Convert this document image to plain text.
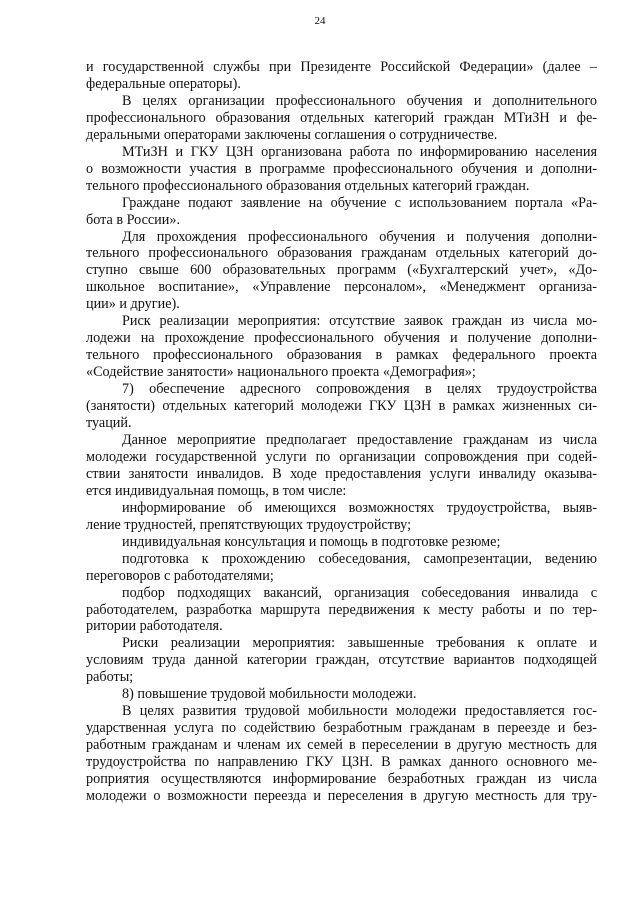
24
и государственной службы при Президенте Российской Федерации» (далее –
федеральные операторы).
В целях организации профессионального обучения и дополнительного
профессионального образования отдельных категорий граждан МТиЗН и фе-
деральными операторами заключены соглашения о сотрудничестве.
МТиЗН и ГКУ ЦЗН организована работа по информированию населения
о возможности участия в программе профессионального обучения и дополни-
тельного профессионального образования отдельных категорий граждан.
Граждане подают заявление на обучение с использованием портала «Ра-
бота в России».
Для прохождения профессионального обучения и получения дополни-
тельного профессионального образования гражданам отдельных категорий до-
ступно свыше 600 образовательных программ («Бухгалтерский учет», «До-
школьное воспитание», «Управление персоналом», «Менеджмент организа-
ции» и другие).
Риск реализации мероприятия: отсутствие заявок граждан из числа мо-
лодежи на прохождение профессионального обучения и получение дополни-
тельного профессионального образования в рамках федерального проекта
«Содействие занятости» национального проекта «Демография»;
7) обеспечение адресного сопровождения в целях трудоустройства
(занятости) отдельных категорий молодежи ГКУ ЦЗН в рамках жизненных си-
туаций.
Данное мероприятие предполагает предоставление гражданам из числа
молодежи государственной услуги по организации сопровождения при содей-
ствии занятости инвалидов. В ходе предоставления услуги инвалиду оказыва-
ется индивидуальная помощь, в том числе:
информирование об имеющихся возможностях трудоустройства, выяв-
ление трудностей, препятствующих трудоустройству;
индивидуальная консультация и помощь в подготовке резюме;
подготовка к прохождению собеседования, самопрезентации, ведению
переговоров с работодателями;
подбор подходящих вакансий, организация собеседования инвалида с
работодателем, разработка маршрута передвижения к месту работы и по тер-
ритории работодателя.
Риски реализации мероприятия: завышенные требования к оплате и
условиям труда данной категории граждан, отсутствие вариантов подходящей
работы;
8) повышение трудовой мобильности молодежи.
В целях развития трудовой мобильности молодежи предоставляется гос-
ударственная услуга по содействию безработным гражданам в переезде и без-
работным гражданам и членам их семей в переселении в другую местность для
трудоустройства по направлению ГКУ ЦЗН. В рамках данного основного ме-
роприятия осуществляются информирование безработных граждан из числа
молодежи о возможности переезда и переселения в другую местность для тру-
